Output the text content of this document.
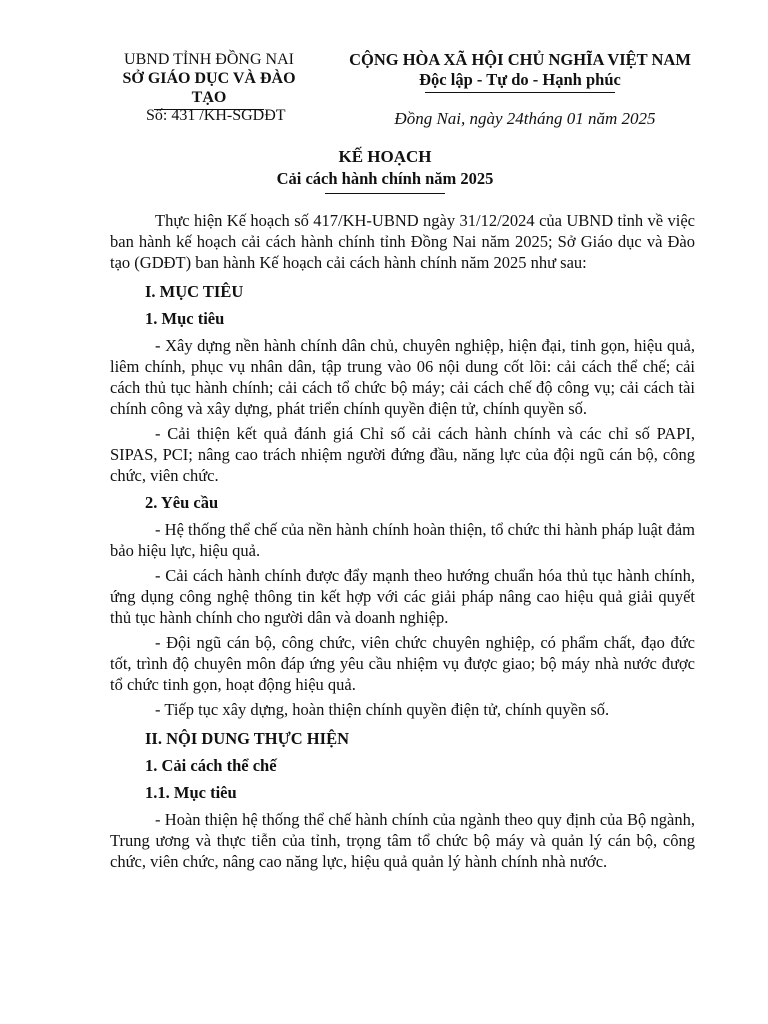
UBND TỈNH ĐỒNG NAI
SỞ GIÁO DỤC VÀ ĐÀO TẠO
CỘNG HÒA XÃ HỘI CHỦ NGHĨA VIỆT NAM
Độc lập - Tự do - Hạnh phúc
Số: 431 /KH-SGDĐT	Đồng Nai, ngày 24tháng 01 năm 2025
KẾ HOẠCH
Cải cách hành chính năm 2025

Thực hiện Kế hoạch số 417/KH-UBND ngày 31/12/2024 của UBND tỉnh về việc ban hành kế hoạch cải cách hành chính tỉnh Đồng Nai năm 2025; Sở Giáo dục và Đào tạo (GDĐT) ban hành Kế hoạch cải cách hành chính năm 2025 như sau:

I. MỤC TIÊU

1. Mục tiêu

- Xây dựng nền hành chính dân chủ, chuyên nghiệp, hiện đại, tinh gọn, hiệu quả, liêm chính, phục vụ nhân dân, tập trung vào 06 nội dung cốt lõi: cải cách thể chế; cải cách thủ tục hành chính; cải cách tổ chức bộ máy; cải cách chế độ công vụ; cải cách tài chính công và xây dựng, phát triển chính quyền điện tử, chính quyền số.

- Cải thiện kết quả đánh giá Chỉ số cải cách hành chính và các chỉ số PAPI, SIPAS, PCI; nâng cao trách nhiệm người đứng đầu, năng lực của đội ngũ cán bộ, công chức, viên chức.

2. Yêu cầu

- Hệ thống thể chế của nền hành chính hoàn thiện, tổ chức thi hành pháp luật đảm bảo hiệu lực, hiệu quả.

- Cải cách hành chính được đẩy mạnh theo hướng chuẩn hóa thủ tục hành chính, ứng dụng công nghệ thông tin kết hợp với các giải pháp nâng cao hiệu quả giải quyết thủ tục hành chính cho người dân và doanh nghiệp.

- Đội ngũ cán bộ, công chức, viên chức chuyên nghiệp, có phẩm chất, đạo đức tốt, trình độ chuyên môn đáp ứng yêu cầu nhiệm vụ được giao; bộ máy nhà nước được tổ chức tinh gọn, hoạt động hiệu quả.

- Tiếp tục xây dựng, hoàn thiện chính quyền điện tử, chính quyền số.

II. NỘI DUNG THỰC HIỆN

1. Cải cách thể chế

1.1. Mục tiêu

- Hoàn thiện hệ thống thể chế hành chính của ngành theo quy định của Bộ ngành, Trung ương và thực tiễn của tỉnh, trọng tâm tổ chức bộ máy và quản lý cán bộ, công chức, viên chức, nâng cao năng lực, hiệu quả quản lý hành chính nhà nước.
